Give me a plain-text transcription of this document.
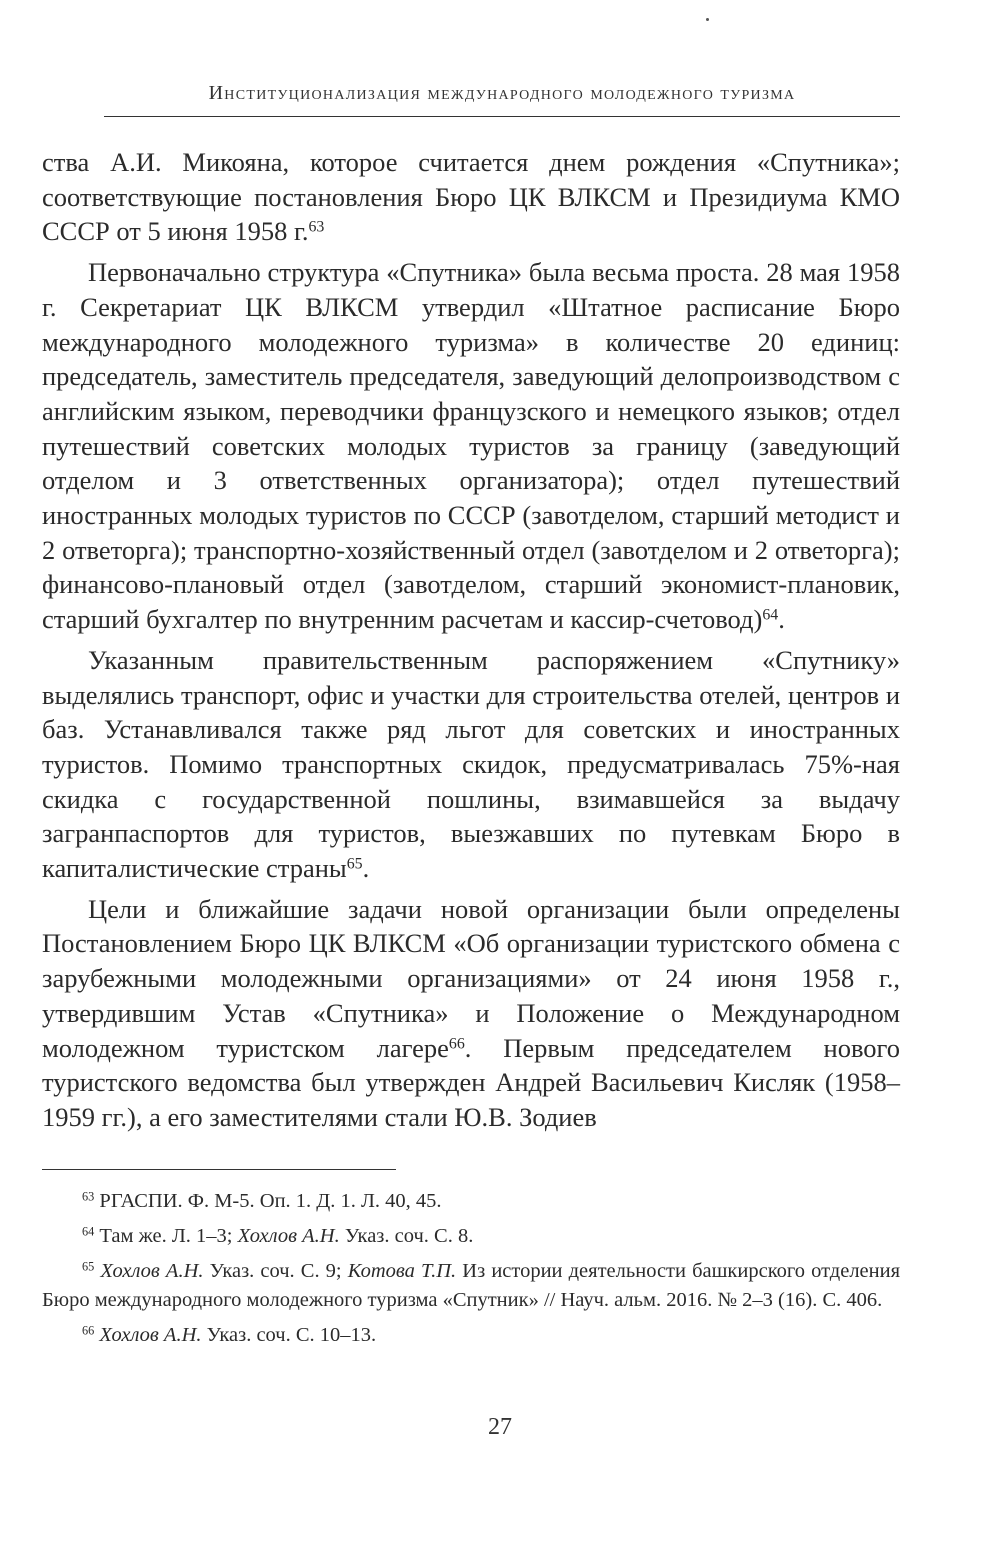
Институционализация международного молодежного туризма

ства А.И. Микояна, которое считается днем рождения «Спутника»; соответствующие постановления Бюро ЦК ВЛКСМ и Президиума КМО СССР от 5 июня 1958 г.$^{63}$

Первоначально структура «Спутника» была весьма проста. 28 мая 1958 г. Секретариат ЦК ВЛКСМ утвердил «Штатное расписание Бюро международного молодежного туризма» в количестве 20 единиц: председатель, заместитель председателя, заведующий делопроизводством с английским языком, переводчики французского и немецкого языков; отдел путешествий советских молодых туристов за границу (заведующий отделом и 3 ответственных организатора); отдел путешествий иностранных молодых туристов по СССР (завотделом, старший методист и 2 ответорга); транспортно-хозяйственный отдел (завотделом и 2 ответорга); финансово-плановый отдел (завотделом, старший экономист-плановик, старший бухгалтер по внутренним расчетам и кассир-счетовод)$^{64}$.

Указанным правительственным распоряжением «Спутнику» выделялись транспорт, офис и участки для строительства отелей, центров и баз. Устанавливался также ряд льгот для советских и иностранных туристов. Помимо транспортных скидок, предусматривалась 75%-ная скидка с государственной пошлины, взимавшейся за выдачу загранпаспортов для туристов, выезжавших по путевкам Бюро в капиталистические страны$^{65}$.

Цели и ближайшие задачи новой организации были определены Постановлением Бюро ЦК ВЛКСМ «Об организации туристского обмена с зарубежными молодежными организациями» от 24 июня 1958 г., утвердившим Устав «Спутника» и Положение о Международном молодежном туристском лагере$^{66}$. Первым председателем нового туристского ведомства был утвержден Андрей Васильевич Кисляк (1958–1959 гг.), а его заместителями стали Ю.В. Зодиев

$^{63}$ РГАСПИ. Ф. М-5. Оп. 1. Д. 1. Л. 40, 45.

$^{64}$ Там же. Л. 1–3; Хохлов А.Н. Указ. соч. С. 8.

$^{65}$ Хохлов А.Н. Указ. соч. С. 9; Котова Т.П. Из истории деятельности башкирского отделения Бюро международного молодежного туризма «Спутник» // Науч. альм. 2016. № 2–3 (16). С. 406.

$^{66}$ Хохлов А.Н. Указ. соч. С. 10–13.

27
